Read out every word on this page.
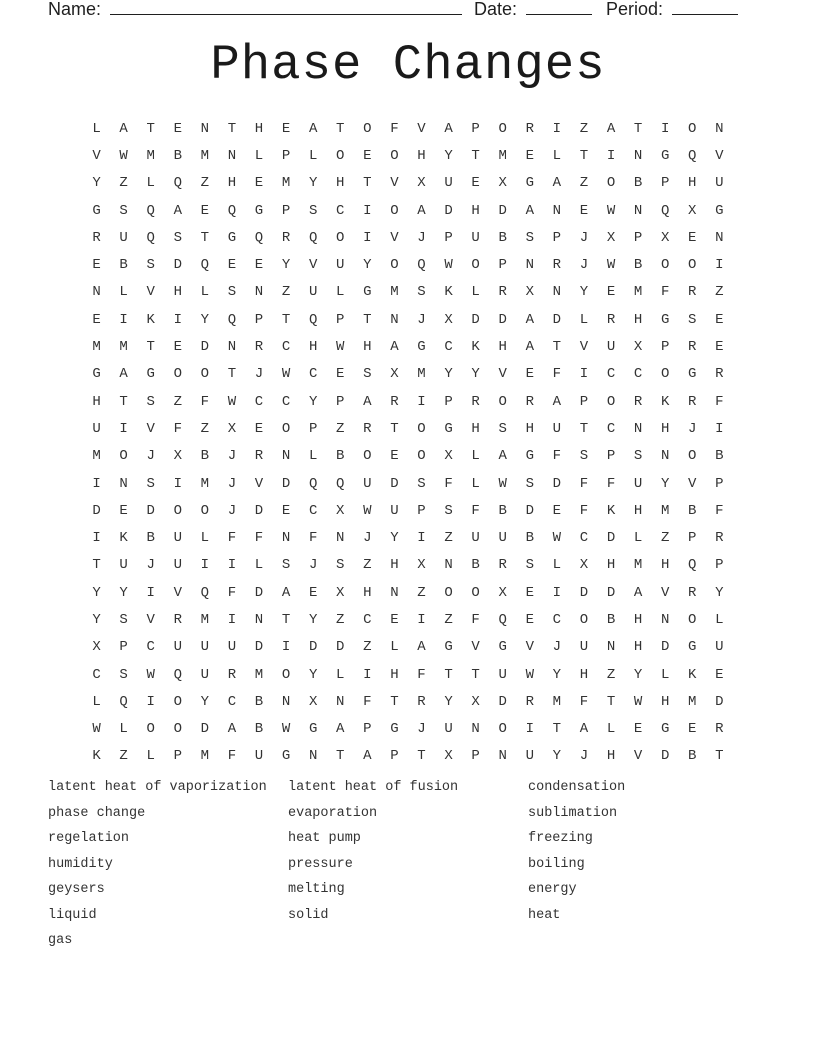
Name:	Date:	Period:
Phase Changes
L	A	T	E	N	T	H	E	A	T	O	F	V	A	P	O	R	I	Z	A	T	I	O	N
V	W	M	B	M	N	L	P	L	O	E	O	H	Y	T	M	E	L	T	I	N	G	Q	V
Y	Z	L	Q	Z	H	E	M	Y	H	T	V	X	U	E	X	G	A	Z	O	B	P	H	U
G	S	Q	A	E	Q	G	P	S	C	I	O	A	D	H	D	A	N	E	W	N	Q	X	G
R	U	Q	S	T	G	Q	R	Q	O	I	V	J	P	U	B	S	P	J	X	P	X	E	N
E	B	S	D	Q	E	E	Y	V	U	Y	O	Q	W	O	P	N	R	J	W	B	O	O	I
N	L	V	H	L	S	N	Z	U	L	G	M	S	K	L	R	X	N	Y	E	M	F	R	Z
E	I	K	I	Y	Q	P	T	Q	P	T	N	J	X	D	D	A	D	L	R	H	G	S	E
M	M	T	E	D	N	R	C	H	W	H	A	G	C	K	H	A	T	V	U	X	P	R	E
G	A	G	O	O	T	J	W	C	E	S	X	M	Y	Y	V	E	F	I	C	C	O	G	R
H	T	S	Z	F	W	C	C	Y	P	A	R	I	P	R	O	R	A	P	O	R	K	R	F
U	I	V	F	Z	X	E	O	P	Z	R	T	O	G	H	S	H	U	T	C	N	H	J	I
M	O	J	X	B	J	R	N	L	B	O	E	O	X	L	A	G	F	S	P	S	N	O	B
I	N	S	I	M	J	V	D	Q	Q	U	D	S	F	L	W	S	D	F	F	U	Y	V	P
D	E	D	O	O	J	D	E	C	X	W	U	P	S	F	B	D	E	F	K	H	M	B	F
I	K	B	U	L	F	F	N	F	N	J	Y	I	Z	U	U	B	W	C	D	L	Z	P	R
T	U	J	U	I	I	L	S	J	S	Z	H	X	N	B	R	S	L	X	H	M	H	Q	P
Y	Y	I	V	Q	F	D	A	E	X	H	N	Z	O	O	X	E	I	D	D	A	V	R	Y
Y	S	V	R	M	I	N	T	Y	Z	C	E	I	Z	F	Q	E	C	O	B	H	N	O	L
X	P	C	U	U	U	D	I	D	D	Z	L	A	G	V	G	V	J	U	N	H	D	G	U
C	S	W	Q	U	R	M	O	Y	L	I	H	F	T	T	U	W	Y	H	Z	Y	L	K	E
L	Q	I	O	Y	C	B	N	X	N	F	T	R	Y	X	D	R	M	F	T	W	H	M	D
W	L	O	O	D	A	B	W	G	A	P	G	J	U	N	O	I	T	A	L	E	G	E	R
K	Z	L	P	M	F	U	G	N	T	A	P	T	X	P	N	U	Y	J	H	V	D	B	T
latent heat of vaporization	latent heat of fusion	condensation
phase change	evaporation	sublimation
regelation	heat pump	freezing
humidity	pressure	boiling
geysers	melting	energy
liquid	solid	heat
gas
